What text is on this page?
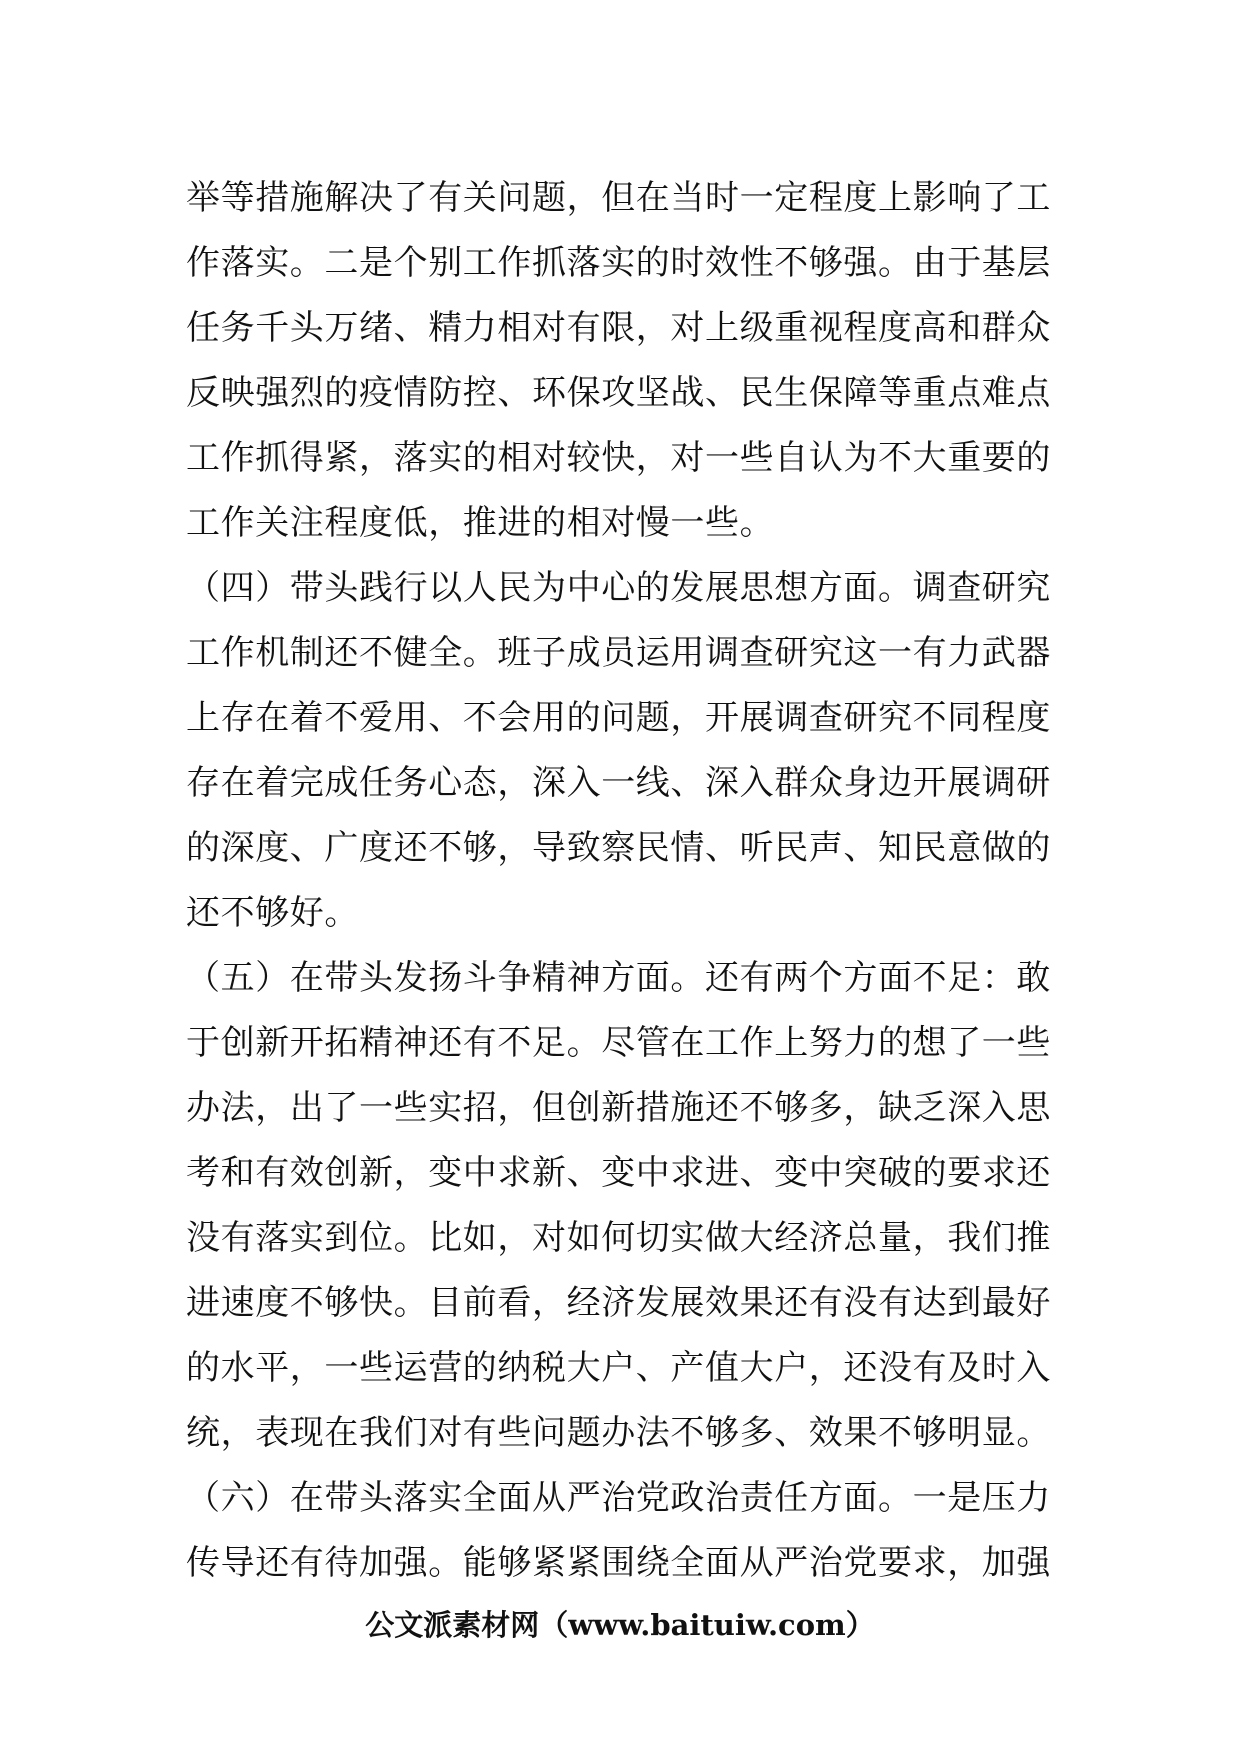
举等措施解决了有关问题，但在当时一定程度上影响了工
作落实。二是个别工作抓落实的时效性不够强。由于基层
任务千头万绪、精力相对有限，对上级重视程度高和群众
反映强烈的疫情防控、环保攻坚战、民生保障等重点难点
工作抓得紧，落实的相对较快，对一些自认为不大重要的
工作关注程度低，推进的相对慢一些。
（四）带头践行以人民为中心的发展思想方面。调查研究
工作机制还不健全。班子成员运用调查研究这一有力武器
上存在着不爱用、不会用的问题，开展调查研究不同程度
存在着完成任务心态，深入一线、深入群众身边开展调研
的深度、广度还不够，导致察民情、听民声、知民意做的
还不够好。
（五）在带头发扬斗争精神方面。还有两个方面不足：敢
于创新开拓精神还有不足。尽管在工作上努力的想了一些
办法，出了一些实招，但创新措施还不够多，缺乏深入思
考和有效创新，变中求新、变中求进、变中突破的要求还
没有落实到位。比如，对如何切实做大经济总量，我们推
进速度不够快。目前看，经济发展效果还有没有达到最好
的水平，一些运营的纳税大户、产值大户，还没有及时入
统，表现在我们对有些问题办法不够多、效果不够明显。
（六）在带头落实全面从严治党政治责任方面。一是压力
传导还有待加强。能够紧紧围绕全面从严治党要求，加强
公文派素材网（www.baituiw.com）
